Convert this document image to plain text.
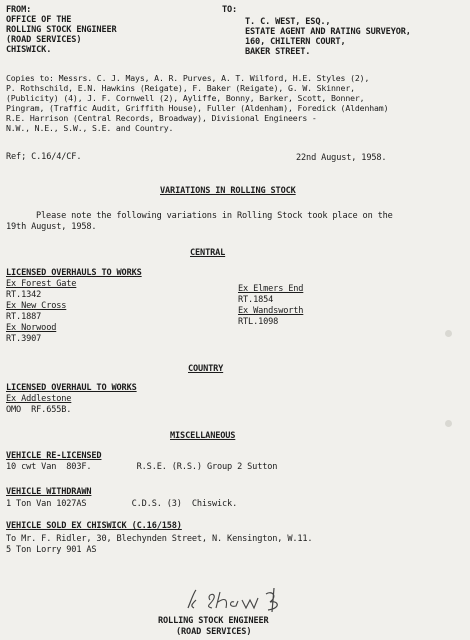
FROM:
OFFICE OF THE
ROLLING STOCK ENGINEER
(ROAD SERVICES)
CHISWICK.
TO:
T. C. WEST, ESQ.,
ESTATE AGENT AND RATING SURVEYOR,
160, CHILTERN COURT,
BAKER STREET.
Copies to: Messrs. C. J. Mays, A. R. Purves, A. T. Wilford, H.E. Styles (2),
P. Rothschild, E.N. Hawkins (Reigate), F. Baker (Reigate), G. W. Skinner,
(Publicity) (4), J. F. Cornwell (2), Ayliffe, Bonny, Barker, Scott, Bonner,
Pingram, (Traffic Audit, Griffith House), Fuller (Aldenham), Foredick (Aldenham)
R.E. Harrison (Central Records, Broadway), Divisional Engineers -
N.W., N.E., S.W., S.E. and Country.
Ref; C.16/4/CF.	22nd August, 1958.
VARIATIONS IN ROLLING STOCK
Please note the following variations in Rolling Stock took place on the
19th August, 1958.
CENTRAL
LICENSED OVERHAULS TO WORKS
Ex Forest Gate
RT.1342
Ex New Cross
RT.1887
Ex Norwood
RT.3907
Ex Elmers End
RT.1854
Ex Wandsworth
RTL.1098
COUNTRY
LICENSED OVERHAUL TO WORKS
Ex Addlestone
OMO  RF.655B.
MISCELLANEOUS
VEHICLE RE-LICENSED
10 cwt Van  803F.         R.S.E. (R.S.) Group 2 Sutton
VEHICLE WITHDRAWN
1 Ton Van 1027AS         C.D.S. (3)  Chiswick.
VEHICLE SOLD EX CHISWICK (C.16/158)
To Mr. F. Ridler, 30, Blechynden Street, N. Kensington, W.11.
5 Ton Lorry 901 AS
ROLLING STOCK ENGINEER
(ROAD SERVICES)
